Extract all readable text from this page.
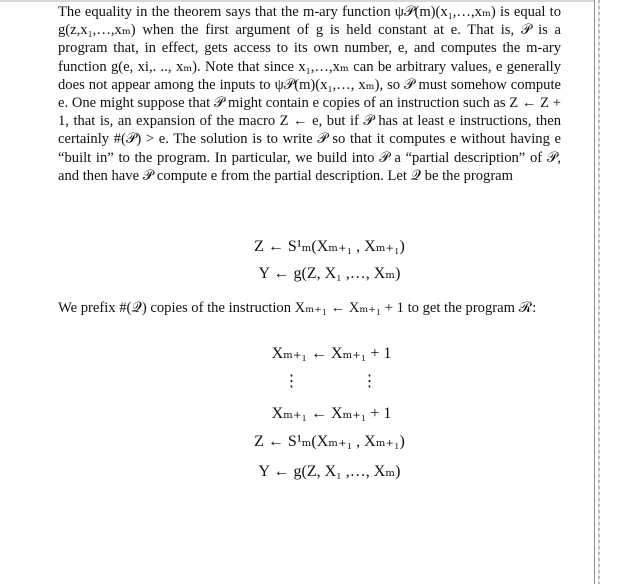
The equality in the theorem says that the m-ary function ψ𝒫(m)(x₁,…,xₘ) is equal to g(z,x₁,…,xₘ) when the first argument of g is held constant at e. That is, 𝒫 is a program that, in effect, gets access to its own number, e, and computes the m-ary function g(e, xi,. .., xₘ). Note that since x₁,…,xₘ can be arbitrary values, e generally does not appear among the inputs to ψ𝒫(m)(x₁,…, xₘ), so 𝒫 must somehow compute e. One might suppose that 𝒫 might contain e copies of an instruction such as Z ← Z + 1, that is, an expansion of the macro Z ← e, but if 𝒫 has at least e instructions, then certainly #(𝒫) > e. The solution is to write 𝒫 so that it computes e without having e “built in” to the program. In particular, we build into 𝒫 a “partial description” of 𝒫, and then have 𝒫 compute e from the partial description. Let 𝒬 be the program

Z ← S¹ₘ(Xₘ₊₁ , Xₘ₊₁)
Y ← g(Z, X₁ ,…, Xₘ)

We prefix #(𝒬) copies of the instruction Xₘ₊₁ ← Xₘ₊₁ + 1 to get the program ℛ:

Xₘ₊₁ ← Xₘ₊₁ + 1
⋮          ⋮
Xₘ₊₁ ← Xₘ₊₁ + 1
Z ← S¹ₘ(Xₘ₊₁ , Xₘ₊₁)
Y ← g(Z, X₁ ,…, Xₘ)
